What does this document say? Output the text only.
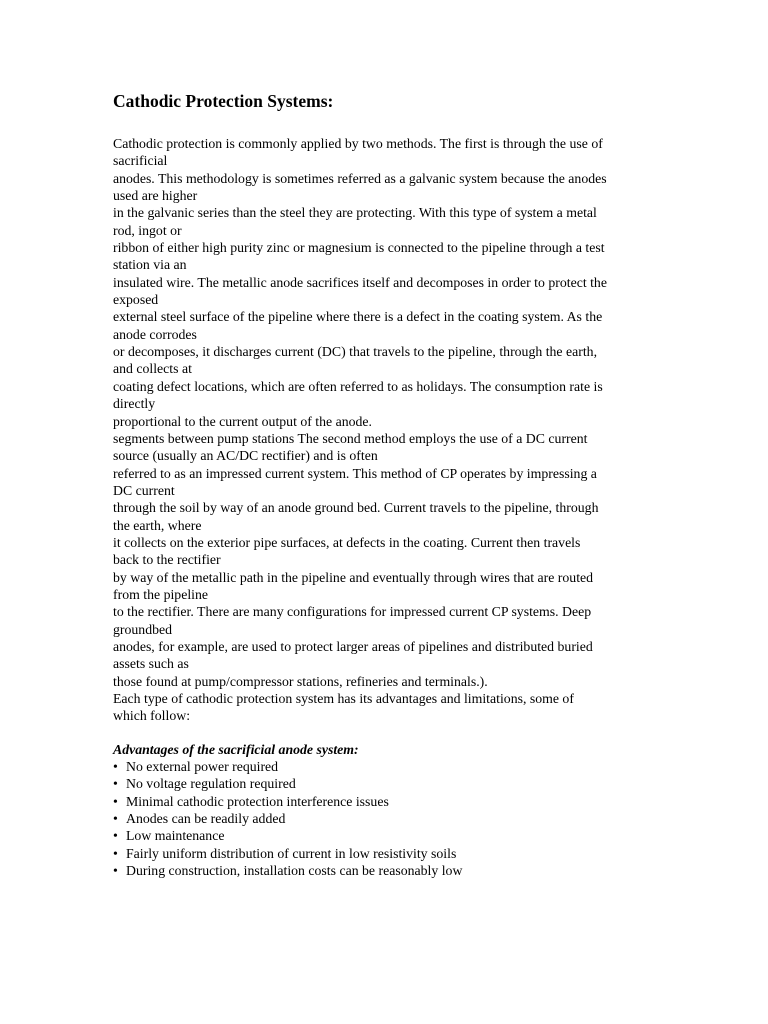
Cathodic Protection Systems:
Cathodic protection is commonly applied by two methods. The first is through the use of
sacrificial
anodes. This methodology is sometimes referred as a galvanic system because the anodes
used are higher
in the galvanic series than the steel they are protecting. With this type of system a metal
rod, ingot or
ribbon of either high purity zinc or magnesium is connected to the pipeline through a test
station via an
insulated wire. The metallic anode sacrifices itself and decomposes in order to protect the
exposed
external steel surface of the pipeline where there is a defect in the coating system. As the
anode corrodes
or decomposes, it discharges current (DC) that travels to the pipeline, through the earth,
and collects at
coating defect locations, which are often referred to as holidays. The consumption rate is
directly
proportional to the current output of the anode.
segments between pump stations The second method employs the use of a DC current
source (usually an AC/DC rectifier) and is often
referred to as an impressed current system. This method of CP operates by impressing a
DC current
through the soil by way of an anode ground bed. Current travels to the pipeline, through
the earth, where
it collects on the exterior pipe surfaces, at defects in the coating. Current then travels
back to the rectifier
by way of the metallic path in the pipeline and eventually through wires that are routed
from the pipeline
to the rectifier. There are many configurations for impressed current CP systems. Deep
groundbed
anodes, for example, are used to protect larger areas of pipelines and distributed buried
assets such as
those found at pump/compressor stations, refineries and terminals.).
Each type of cathodic protection system has its advantages and limitations, some of
which follow:
Advantages of the sacrificial anode system:
• No external power required
• No voltage regulation required
• Minimal cathodic protection interference issues
• Anodes can be readily added
• Low maintenance
• Fairly uniform distribution of current in low resistivity soils
• During construction, installation costs can be reasonably low
